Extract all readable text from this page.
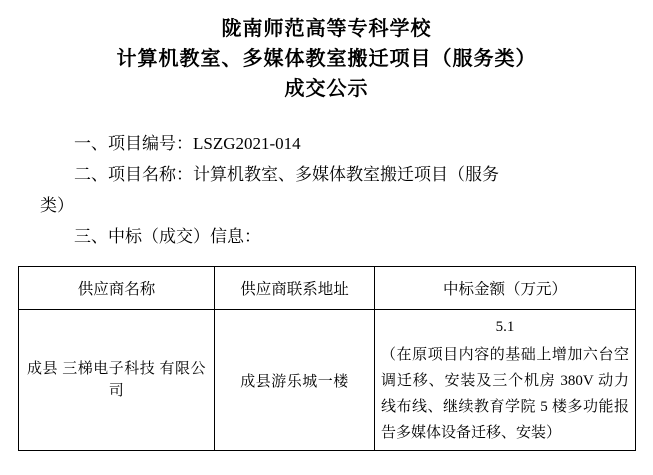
陇南师范高等专科学校
计算机教室、多媒体教室搬迁项目（服务类）
成交公示
一、项目编号：LSZG2021-014
二、项目名称：计算机教室、多媒体教室搬迁项目（服务
类）
三、中标（成交）信息：
供应商名称	供应商联系地址	中标金额（万元）
成县 三梯电子科技 有限公司	成县游乐城一楼	5.1
（在原项目内容的基础上增加六台空调迁移、安装及三个机房 380V 动力线布线、继续教育学院 5 楼多功能报告多媒体设备迁移、安装）
